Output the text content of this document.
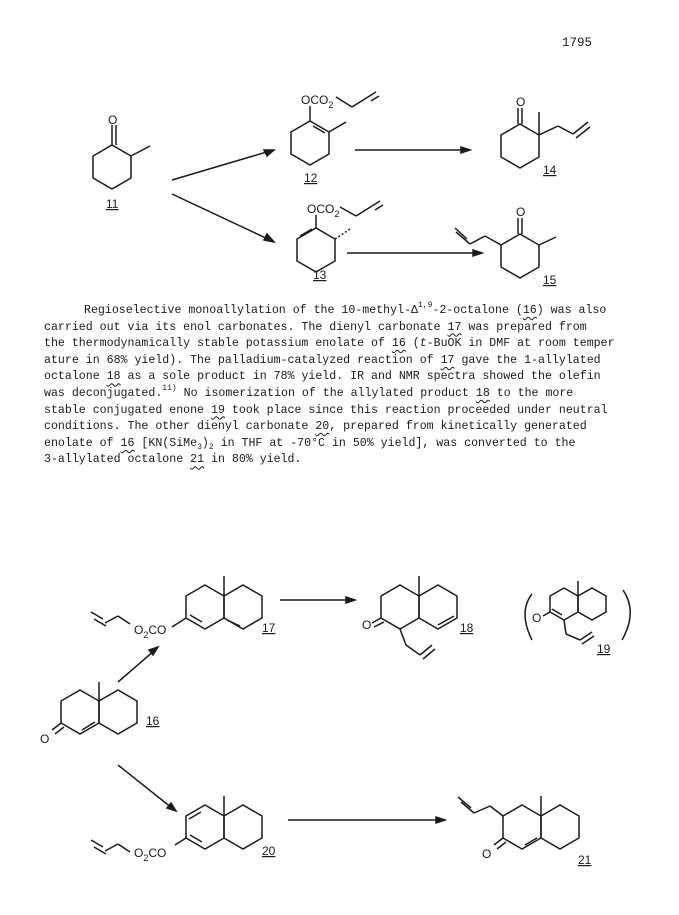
1795
O
11
$OCO_2$
12
O
14
$OCO_2$
13
O
15
Regioselective monoallylation of the $10-methyl-\Delta^{1,9}-2$-octalone (16) was also
carried out via its enol carbonates. The dienyl carbonate 17 was prepared from
the thermodynamically stable potassium enolate of 16 (t-BuOK in DMF at room temper
ature in 68% yield). The palladium-catalyzed reaction of 17 gave the 1-allylated
octalone 18 as a sole product in 78% yield. IR and NMR spectra showed the olefin
was deconjugated.$^{11)}$ No isomerization of the allylated product 18 to the more
stable conjugated enone 19 took place since this reaction proceeded under neutral
conditions. The other dienyl carbonate 20, prepared from kinetically generated
enolate of 16 [$KN(SiMe_3)_2$ in THF at -70°C in 50% yield], was converted to the
3-allylated octalone 21 in 80% yield.
$O_2CO$	17	O	18
O
19
O
16
$O_2CO$	20	O	21
